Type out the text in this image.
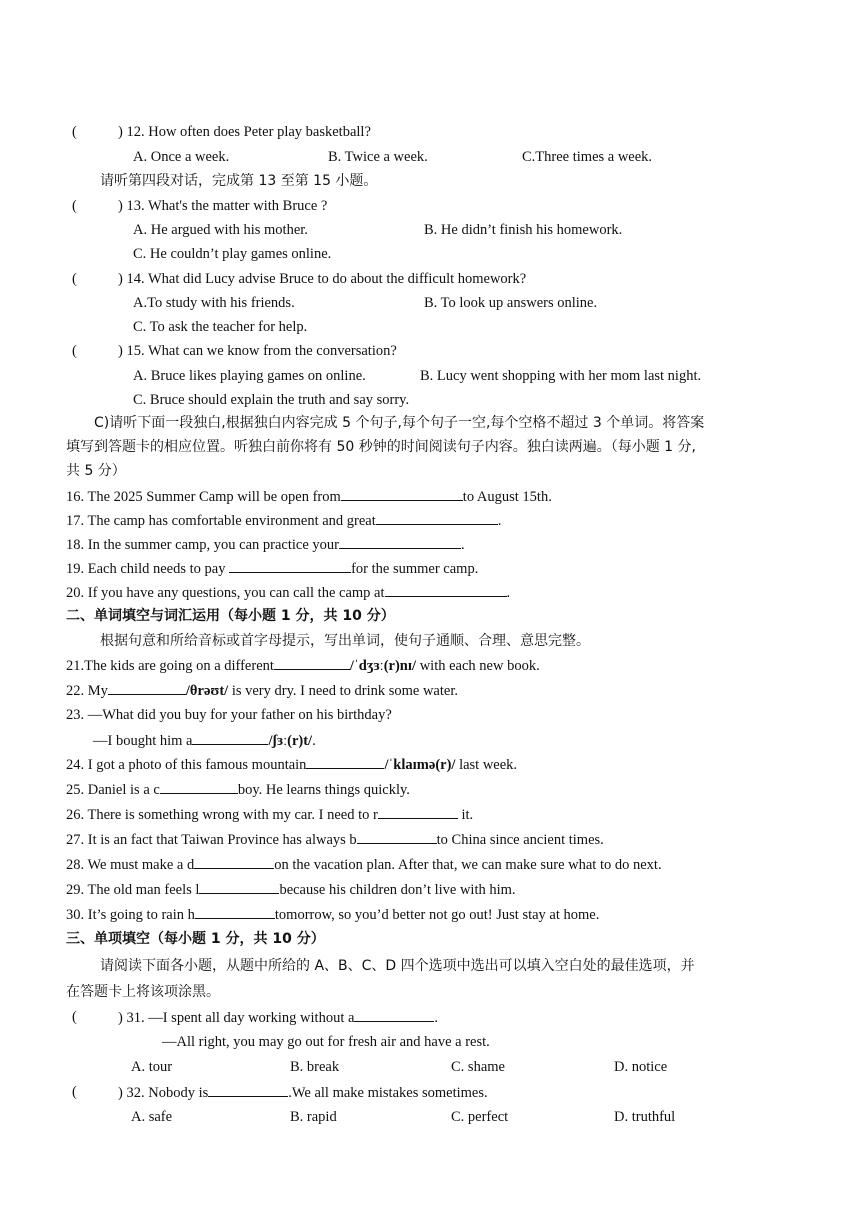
(	) 12. How often does Peter play basketball?
A. Once a week.	B. Twice a week.	C.Three times a week.
请听第四段对话，完成第 13 至第 15 小题。
(	) 13. What's the matter with Bruce ?
A. He argued with his mother.	B. He didn’t finish his homework.
C. He couldn’t play games online.
(	) 14. What did Lucy advise Bruce to do about the difficult homework?
A.To study with his friends.	B. To look up answers online.
C. To ask the teacher for help.
(	) 15. What can we know from the conversation?
A. Bruce likes playing games on online.	B. Lucy went shopping with her mom last night.
C. Bruce should explain the truth and say sorry.
C)请听下面一段独白,根据独白内容完成 5 个句子,每个句子一空,每个空格不超过 3 个单词。将答案
填写到答题卡的相应位置。听独白前你将有 50 秒钟的时间阅读句子内容。独白读两遍。（每小题 1 分,
共 5 分）
16. The 2025 Summer Camp will be open from	to August 15th.
17. The camp has comfortable environment and great	.
18. In the summer camp, you can practice your	.
19. Each child needs to pay	for the summer camp.
20. If you have any questions, you can call the camp at	.
二、单词填空与词汇运用（每小题 1 分，共 10 分）
根据句意和所给音标或首字母提示，写出单词，使句子通顺、合理、意思完整。
21.The kids are going on a different	/ˈdʒɜː(r)nɪ/ with each new book.
22. My	/θrəʊt/ is very dry. I need to drink some water.
23. —What did you buy for your father on his birthday?
—I bought him a	/ʃɜː(r)t/.
24. I got a photo of this famous mountain	/ˈklaɪmə(r)/ last week.
25. Daniel is a c	boy. He learns things quickly.
26. There is something wrong with my car. I need to r	it.
27. It is an fact that Taiwan Province has always b	to China since ancient times.
28. We must make a d	on the vacation plan. After that, we can make sure what to do next.
29. The old man feels l	because his children don’t live with him.
30. It’s going to rain h	tomorrow, so you’d better not go out! Just stay at home.
三、单项填空（每小题 1 分，共 10 分）
请阅读下面各小题，从题中所给的 A、B、C、D 四个选项中选出可以填入空白处的最佳选项，并
在答题卡上将该项涂黑。
(	) 31. —I spent all day working without a	.
—All right, you may go out for fresh air and have a rest.
A. tour	B. break	C. shame	D. notice
(	) 32. Nobody is	.We all make mistakes sometimes.
A. safe	B. rapid	C. perfect	D. truthful
